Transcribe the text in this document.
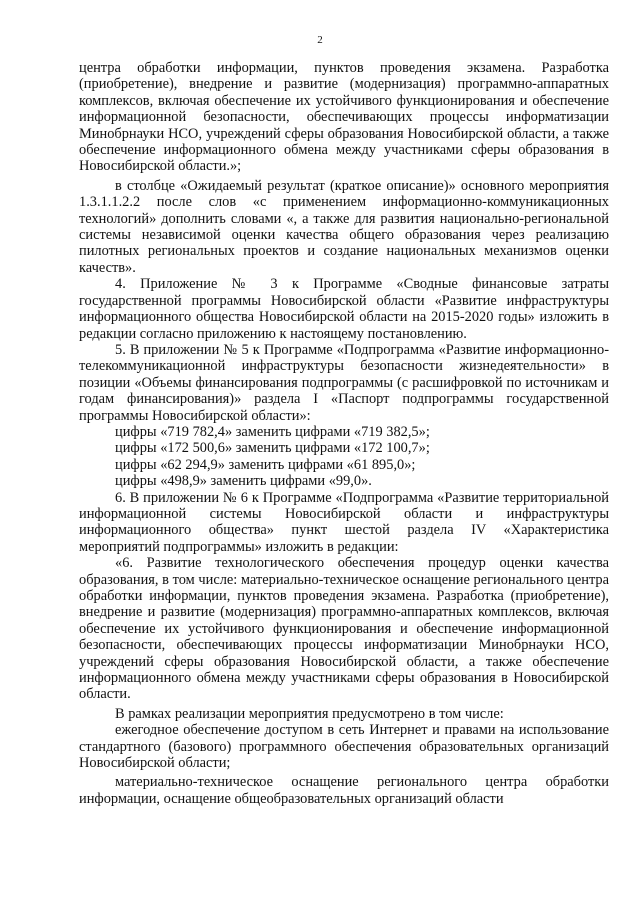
2

центра обработки информации, пунктов проведения экзамена. Разработка (приобретение), внедрение и развитие (модернизация) программно-аппаратных комплексов, включая обеспечение их устойчивого функционирования и обеспечение информационной безопасности, обеспечивающих процессы информатизации Минобрнауки НСО, учреждений сферы образования Новосибирской области, а также обеспечение информационного обмена между участниками сферы образования в Новосибирской области.»;

в столбце «Ожидаемый результат (краткое описание)» основного мероприятия 1.3.1.1.2.2 после слов «с применением информационно-коммуникационных технологий» дополнить словами «, а также для развития национально-региональной системы независимой оценки качества общего образования через реализацию пилотных региональных проектов и создание национальных механизмов оценки качеств».

4. Приложение № 3 к Программе «Сводные финансовые затраты государственной программы Новосибирской области «Развитие инфраструктуры информационного общества Новосибирской области на 2015-2020 годы» изложить в редакции согласно приложению к настоящему постановлению.

5. В приложении № 5 к Программе «Подпрограмма «Развитие информационно-телекоммуникационной инфраструктуры безопасности жизнедеятельности» в позиции «Объемы финансирования подпрограммы (с расшифровкой по источникам и годам финансирования)» раздела I «Паспорт подпрограммы государственной программы Новосибирской области»:

цифры «719 782,4» заменить цифрами «719 382,5»;

цифры «172 500,6» заменить цифрами «172 100,7»;

цифры «62 294,9» заменить цифрами «61 895,0»;

цифры «498,9» заменить цифрами «99,0».

6. В приложении № 6 к Программе «Подпрограмма «Развитие территориальной информационной системы Новосибирской области и инфраструктуры информационного общества» пункт шестой раздела IV «Характеристика мероприятий подпрограммы» изложить в редакции:

«6. Развитие технологического обеспечения процедур оценки качества образования, в том числе: материально-техническое оснащение регионального центра обработки информации, пунктов проведения экзамена. Разработка (приобретение), внедрение и развитие (модернизация) программно-аппаратных комплексов, включая обеспечение их устойчивого функционирования и обеспечение информационной безопасности, обеспечивающих процессы информатизации Минобрнауки НСО, учреждений сферы образования Новосибирской области, а также обеспечение информационного обмена между участниками сферы образования в Новосибирской области.

В рамках реализации мероприятия предусмотрено в том числе:

ежегодное обеспечение доступом в сеть Интернет и правами на использование стандартного (базового) программного обеспечения образовательных организаций Новосибирской области;

материально-техническое оснащение регионального центра обработки информации, оснащение общеобразовательных организаций области
